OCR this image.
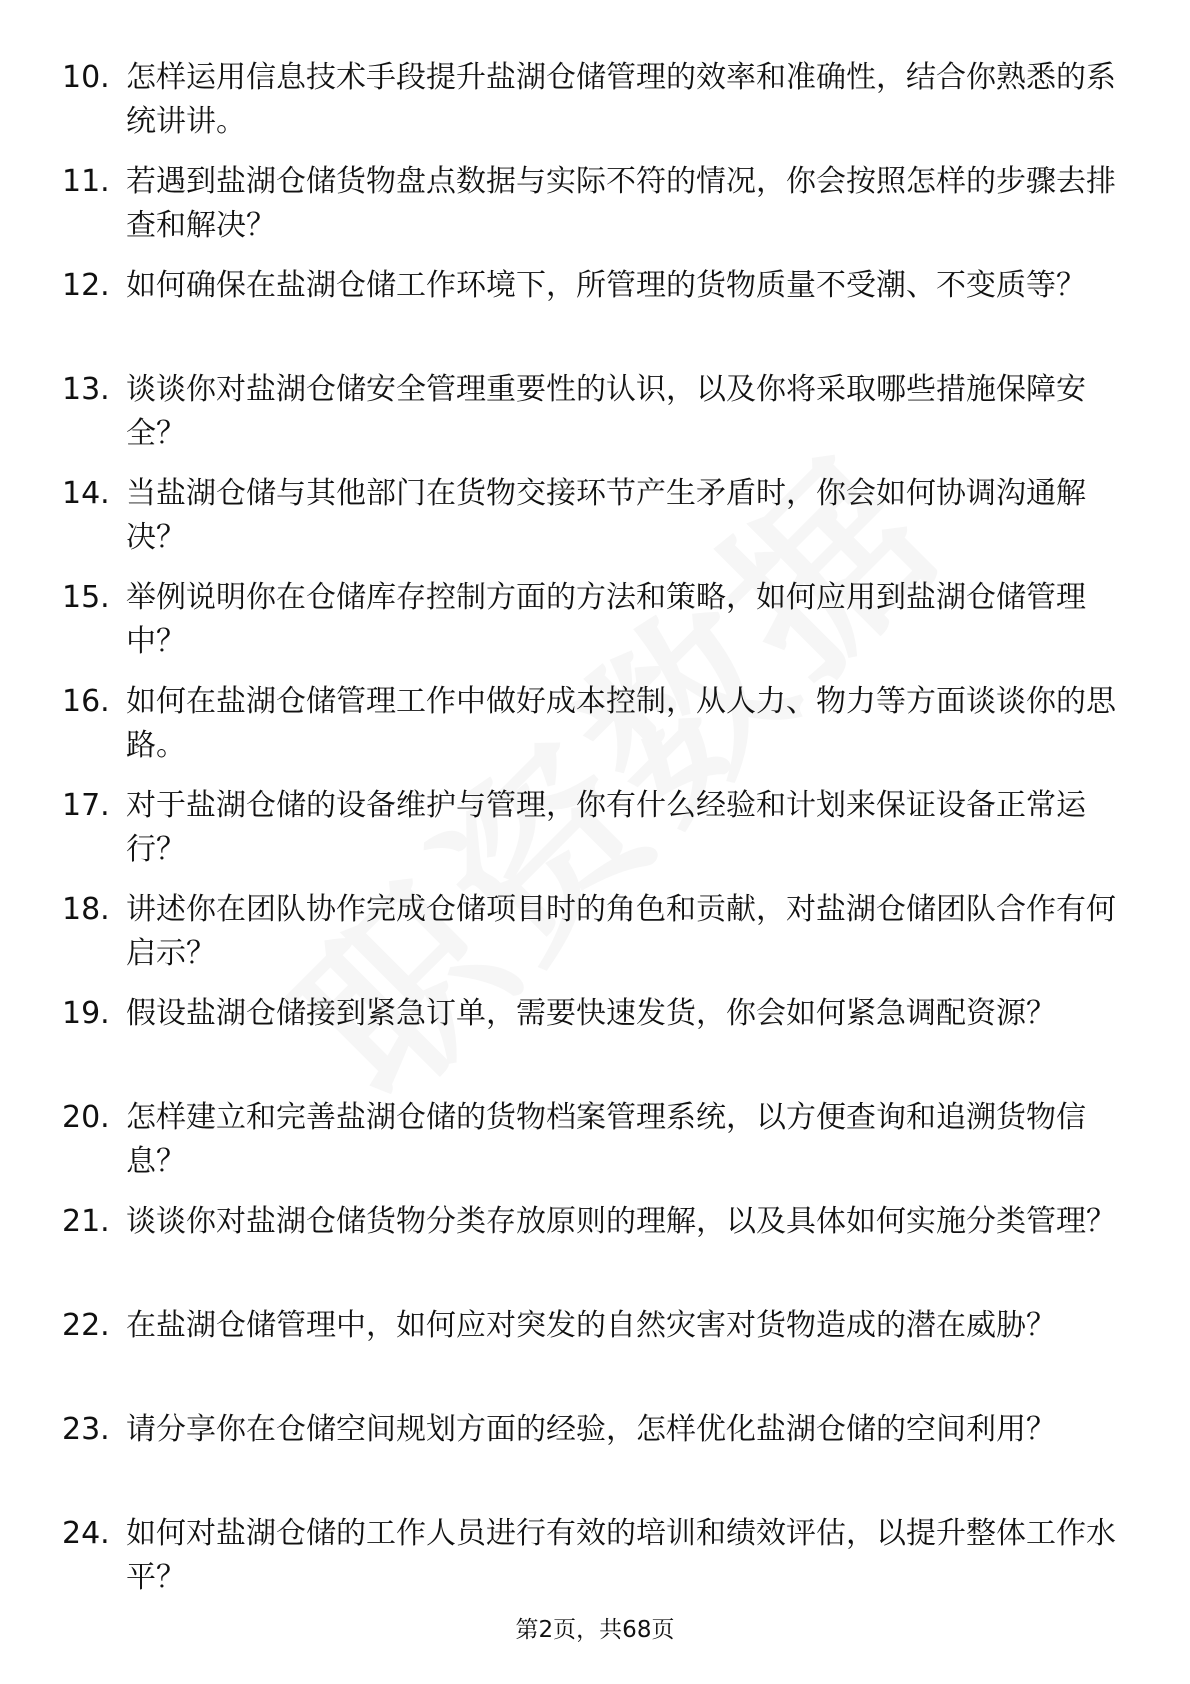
10. 怎样运用信息技术手段提升盐湖仓储管理的效率和准确性，结合你熟悉的系统讲讲。
11. 若遇到盐湖仓储货物盘点数据与实际不符的情况，你会按照怎样的步骤去排查和解决？
12. 如何确保在盐湖仓储工作环境下，所管理的货物质量不受潮、不变质等？
13. 谈谈你对盐湖仓储安全管理重要性的认识，以及你将采取哪些措施保障安全？
14. 当盐湖仓储与其他部门在货物交接环节产生矛盾时，你会如何协调沟通解决？
15. 举例说明你在仓储库存控制方面的方法和策略，如何应用到盐湖仓储管理中？
16. 如何在盐湖仓储管理工作中做好成本控制，从人力、物力等方面谈谈你的思路。
17. 对于盐湖仓储的设备维护与管理，你有什么经验和计划来保证设备正常运行？
18. 讲述你在团队协作完成仓储项目时的角色和贡献，对盐湖仓储团队合作有何启示？
19. 假设盐湖仓储接到紧急订单，需要快速发货，你会如何紧急调配资源？
20. 怎样建立和完善盐湖仓储的货物档案管理系统，以方便查询和追溯货物信息？
21. 谈谈你对盐湖仓储货物分类存放原则的理解，以及具体如何实施分类管理？
22. 在盐湖仓储管理中，如何应对突发的自然灾害对货物造成的潜在威胁？
23. 请分享你在仓储空间规划方面的经验，怎样优化盐湖仓储的空间利用？
24. 如何对盐湖仓储的工作人员进行有效的培训和绩效评估，以提升整体工作水平？
第2页，共68页
